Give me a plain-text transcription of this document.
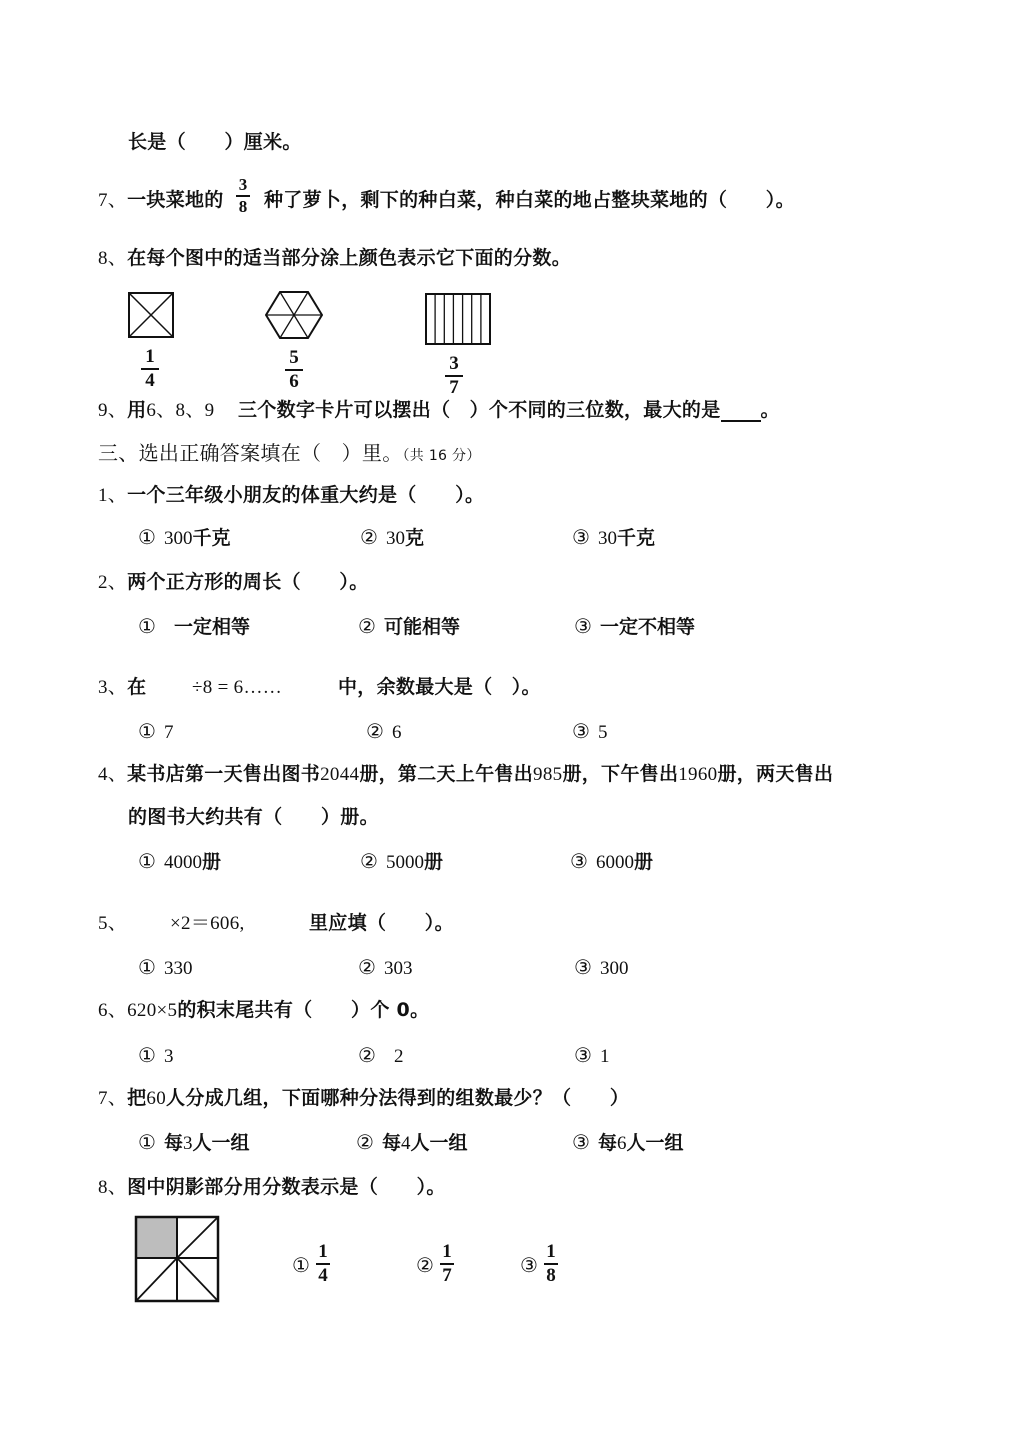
长是（　　）厘米。
7、一块菜地的
3
8 种了萝卜，剩下的种白菜，种白菜的地占整块菜地的（　　）。
8、在每个图中的适当部分涂上颜色表示它下面的分数。
1
4
5
6
3
7
9、用6、8、9 三个数字卡片可以摆出（　）个不同的三位数，最大的是 。
三、选出正确答案填在（　）里。（共 16 分）
1、一个三年级小朋友的体重大约是（　　）。
① 300千克	② 30克	③ 30千克
2、两个正方形的周长（　　）。
① 一定相等	② 可能相等	③ 一定不相等
3、在 ÷8 = 6……	中，余数最大是（　）。
① 7	② 6	③ 5
4、某书店第一天售出图书2044册，第二天上午售出985册，下午售出1960册，两天售出
的图书大约共有（　　）册。
① 4000册	② 5000册	③ 6000册
5、 ×2＝606,	里应填（　　）。
① 330	② 303	③ 300
6、620×5的积末尾共有（　　）个 0。
① 3	② 2	③ 1
7、把60人分成几组，下面哪种分法得到的组数最少？（　　）
① 每3人一组	② 每4人一组	③ 每6人一组
8、图中阴影部分用分数表示是（　　）。
①
1
4	②
1
7	③
1
8
